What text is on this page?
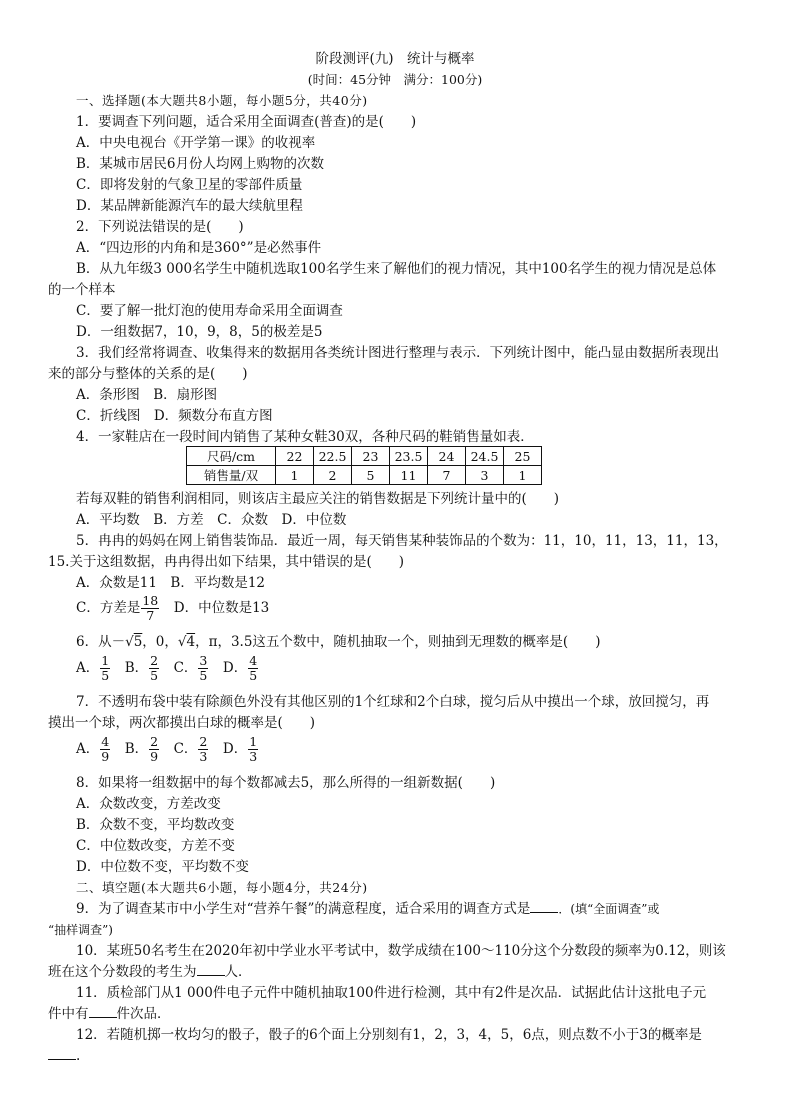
阶段测评(九)　统计与概率
(时间：45分钟　满分：100分)
一、选择题(本大题共8小题，每小题5分，共40分)
1．要调查下列问题，适合采用全面调查(普查)的是(　　)
A．中央电视台《开学第一课》的收视率
B．某城市居民6月份人均网上购物的次数
C．即将发射的气象卫星的零部件质量
D．某品牌新能源汽车的最大续航里程
2．下列说法错误的是(　　)
A．“四边形的内角和是360°”是必然事件
B．从九年级3 000名学生中随机选取100名学生来了解他们的视力情况，其中100名学生的视力情况是总体
的一个样本
C．要了解一批灯泡的使用寿命采用全面调查
D．一组数据7，10，9，8，5的极差是5
3．我们经常将调查、收集得来的数据用各类统计图进行整理与表示．下列统计图中，能凸显由数据所表现出
来的部分与整体的关系的是(　　)
A．条形图　B．扇形图
C．折线图　D．频数分布直方图
4．一家鞋店在一段时间内销售了某种女鞋30双，各种尺码的鞋销售量如表．
尺码/cm	22	22.5	23	23.5	24	24.5	25
销售量/双	1	2	5	11	7	3	1
若每双鞋的销售利润相同，则该店主最应关注的销售数据是下列统计量中的(　　)
A．平均数　B．方差　C．众数　D．中位数
5．冉冉的妈妈在网上销售装饰品．最近一周，每天销售某种装饰品的个数为：11，10，11，13，11，13，
15.关于这组数据，冉冉得出如下结果，其中错误的是(　　)
A．众数是11　B．平均数是12
C．方差是 $\frac{18}{7}$ 　D．中位数是13
6．从－√5，0，√4，π，3.5这五个数中，随机抽取一个，则抽到无理数的概率是(　　)
A． $\frac{1}{5}$ 　B． $\frac{2}{5}$ 　C． $\frac{3}{5}$ 　D． $\frac{4}{5}$
7．不透明布袋中装有除颜色外没有其他区别的1个红球和2个白球，搅匀后从中摸出一个球，放回搅匀，再
摸出一个球，两次都摸出白球的概率是(　　)
A． $\frac{4}{9}$ 　B． $\frac{2}{9}$ 　C． $\frac{2}{3}$ 　D． $\frac{1}{3}$
8．如果将一组数据中的每个数都减去5，那么所得的一组新数据(　　)
A．众数改变，方差改变
B．众数不变，平均数改变
C．中位数改变，方差不变
D．中位数不变，平均数不变
二、填空题(本大题共6小题，每小题4分，共24分)
9．为了调查某市中小学生对“营养午餐”的满意程度，适合采用的调查方式是 ．(填“全面调查”或
“抽样调查”)
10．某班50名考生在2020年初中学业水平考试中，数学成绩在100～110分这个分数段的频率为0.12，则该
班在这个分数段的考生为 人．
11．质检部门从1 000件电子元件中随机抽取100件进行检测，其中有2件是次品．试据此估计这批电子元
件中有 件次品．
12．若随机掷一枚均匀的骰子，骰子的6个面上分别刻有1，2，3，4，5，6点，则点数不小于3的概率是
.
